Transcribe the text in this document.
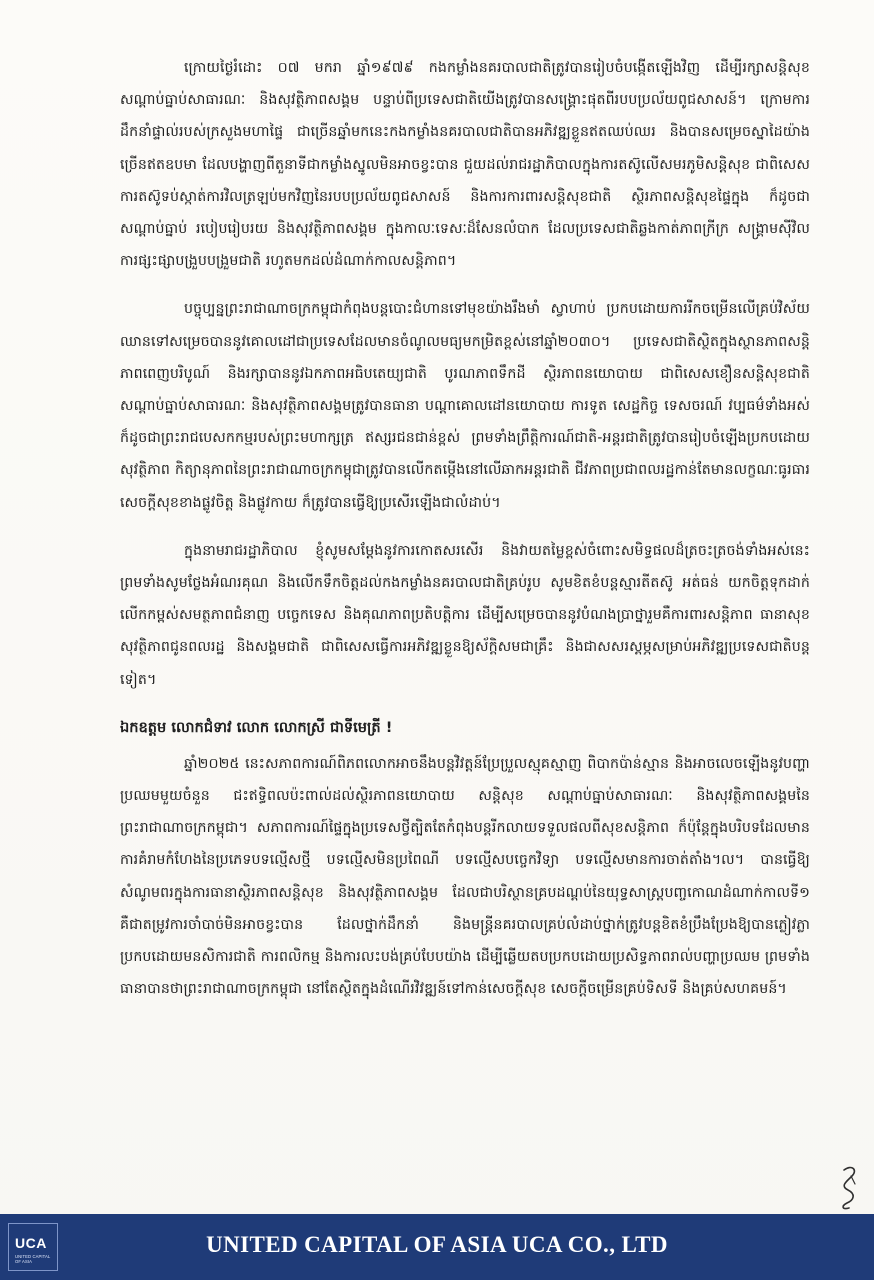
ក្រោយថ្ងៃរំដោះ ០៧ មករា ឆ្នាំ១៩៧៩ កងកម្លាំងនគរបាលជាតិត្រូវបានរៀបចំបង្កើតឡើងវិញ ដើម្បីរក្សាសន្តិសុខ សណ្តាប់ធ្នាប់សាធារណៈ និងសុវត្ថិភាពសង្គម បន្ទាប់ពីប្រទេសជាតិយើងត្រូវបានសង្គ្រោះផុតពីរបបប្រល័យពូជសាសន៍។ ក្រោមការដឹកនាំផ្ទាល់របស់ក្រសួងមហាផ្ទៃ ជាច្រើនឆ្នាំមកនេះកងកម្លាំងនគរបាលជាតិបានអភិវឌ្ឍខ្លួនឥតឈប់ឈរ និងបានសម្រេចស្នាដៃយ៉ាងច្រើនឥតឧបមា ដែលបង្ហាញពីតួនាទីជាកម្លាំងស្នូលមិនអាចខ្វះបាន ជួយដល់រាជរដ្ឋាភិបាលក្នុងការតស៊ូលើសមរភូមិសន្តិសុខ ជាពិសេសការតស៊ូទប់ស្កាត់ការវិលត្រឡប់មកវិញនៃរបបប្រល័យពូជសាសន៍ និងការការពារសន្តិសុខជាតិ ស្ថិរភាពសន្តិសុខផ្ទៃក្នុង ក៏ដូចជាសណ្តាប់ធ្នាប់ របៀបរៀបរយ និងសុវត្ថិភាពសង្គម ក្នុងកាលៈទេសៈដ៏សែនលំបាក ដែលប្រទេសជាតិឆ្លងកាត់ភាពក្រីក្រ សង្គ្រាមស៊ីវិល ការផ្សះផ្សាបង្រួបបង្រួមជាតិ រហូតមកដល់ដំណាក់កាលសន្តិភាព។

បច្ចុប្បន្នព្រះរាជាណាចក្រកម្ពុជាកំពុងបន្តបោះជំហានទៅមុខយ៉ាងរឹងមាំ ស្វាហាប់ ប្រកបដោយការរីកចម្រើនលើគ្រប់វិស័យ ឈានទៅសម្រេចបាននូវគោលដៅជាប្រទេសដែលមានចំណូលមធ្យមកម្រិតខ្ពស់នៅឆ្នាំ២០៣០។ ប្រទេសជាតិស្ថិតក្នុងស្ថានភាពសន្តិភាពពេញបរិបូណ៍ និងរក្សាបាននូវឯកភាពអធិបតេយ្យជាតិ បូរណភាពទឹកដី ស្ថិរភាពនយោបាយ ជាពិសេសខឿនសន្តិសុខជាតិ សណ្តាប់ធ្នាប់សាធារណៈ និងសុវត្ថិភាពសង្គមត្រូវបានធានា បណ្តាគោលដៅនយោបាយ ការទូត សេដ្ឋកិច្ច ទេសចរណ៍ វប្បធម៌ទាំងអស់ ក៏ដូចជាព្រះរាជបេសកកម្មរបស់ព្រះមហាក្សត្រ ឥស្សរជនជាន់ខ្ពស់ ព្រមទាំងព្រឹត្តិការណ៍ជាតិ-អន្តរជាតិត្រូវបានរៀបចំឡើងប្រកបដោយសុវត្ថិភាព កិត្យានុភាពនៃព្រះរាជាណាចក្រកម្ពុជាត្រូវបានលើកតម្កើងនៅលើឆាកអន្តរជាតិ ជីវភាពប្រជាពលរដ្ឋកាន់តែមានលក្ខណៈធូរធារ សេចក្តីសុខខាងផ្លូវចិត្ត និងផ្លូវកាយ ក៏ត្រូវបានធ្វើឱ្យប្រសើរឡើងជាលំដាប់។

ក្នុងនាមរាជរដ្ឋាភិបាល ខ្ញុំសូមសម្តែងនូវការកោតសរសើរ និងវាយតម្លៃខ្ពស់ចំពោះសមិទ្ធផលដ៏ត្រចះត្រចង់ទាំងអស់នេះ ព្រមទាំងសូមថ្លែងអំណរគុណ និងលើកទឹកចិត្តដល់កងកម្លាំងនគរបាលជាតិគ្រប់រូប សូមខិតខំបន្តស្មារតីតស៊ូ អត់ធន់ យកចិត្តទុកដាក់លើកកម្ពស់សមត្ថភាពជំនាញ បច្ចេកទេស និងគុណភាពប្រតិបត្តិការ ដើម្បីសម្រេចបាននូវបំណងប្រាថ្នារួមគឺការពារសន្តិភាព ធានាសុខសុវត្ថិភាពជូនពលរដ្ឋ និងសង្គមជាតិ ជាពិសេសធ្វើការអភិវឌ្ឍខ្លួនឱ្យស័ក្តិសមជាគ្រឹះ និងជាសសរស្តម្ភសម្រាប់អភិវឌ្ឍប្រទេសជាតិបន្តទៀត។

ឯកឧត្តម លោកជំទាវ លោក លោកស្រី ជាទីមេត្រី !

ឆ្នាំ២០២៥ នេះសភាពការណ៍ពិភពលោកអាចនឹងបន្តវិវត្តន៍ប្រែប្រួលស្មុគស្មាញ ពិបាកប៉ាន់ស្មាន និងអាចលេចឡើងនូវបញ្ហាប្រឈមមួយចំនួន ជះឥទ្ធិពលប៉ះពាល់ដល់ស្ថិរភាពនយោបាយ សន្តិសុខ សណ្តាប់ធ្នាប់សាធារណៈ និងសុវត្ថិភាពសង្គមនៃព្រះរាជាណាចក្រកម្ពុជា។ សភាពការណ៍ផ្ទៃក្នុងប្រទេសថ្វីត្បិតតែកំពុងបន្តរីកលាយទទួលផលពីសុខសន្តិភាព ក៏ប៉ុន្តែក្នុងបរិបទដែលមានការគំរាមកំហែងនៃប្រភេទបទល្មើសថ្មី បទល្មើសមិនប្រពៃណី បទល្មើសបច្ចេកវិទ្យា បទល្មើសមានការចាត់តាំង។ល។ បានធ្វើឱ្យសំណូមពរក្នុងការធានាស្ថិរភាពសន្តិសុខ និងសុវត្ថិភាពសង្គម ដែលជាបរិស្ថានគ្របដណ្តប់នៃយុទ្ធសាស្ត្របញ្ចកោណដំណាក់កាលទី១ គឺជាតម្រូវការចាំបាច់មិនអាចខ្វះបាន ដែលថ្នាក់ដឹកនាំ និងមន្ត្រីនគរបាលគ្រប់លំដាប់ថ្នាក់ត្រូវបន្តខិតខំប្រឹងប្រែងឱ្យបានភ្លៀវភ្លា ប្រកបដោយមនសិការជាតិ ការពលិកម្ម និងការលះបង់គ្រប់បែបយ៉ាង ដើម្បីឆ្លើយតបប្រកបដោយប្រសិទ្ធភាពរាល់បញ្ហាប្រឈម ព្រមទាំងធានាបានថាព្រះរាជាណាចក្រកម្ពុជា នៅតែស្ថិតក្នុងដំណើរវិវឌ្ឍន៍ទៅកាន់សេចក្តីសុខ សេចក្តីចម្រើនគ្រប់ទិសទី និងគ្រប់សហគមន៍។

UCA
UNITED CAPITAL OF ASIA
UNITED CAPITAL OF ASIA UCA CO., LTD
